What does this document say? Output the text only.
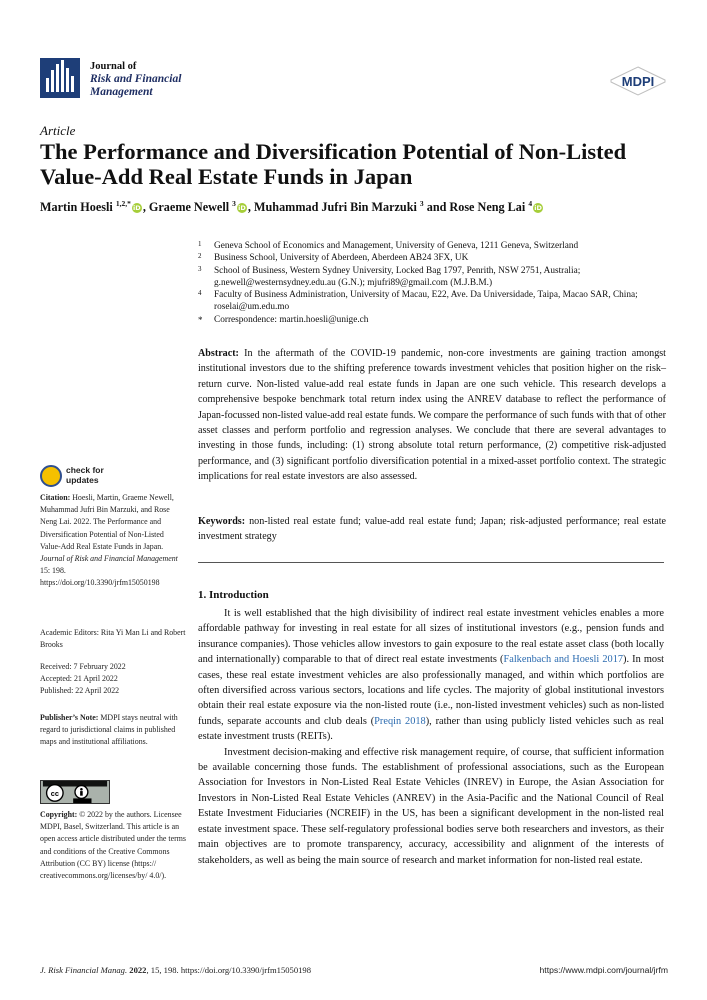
Journal of
Risk and Financial
Management
MDPI
Article
The Performance and Diversification Potential of Non-Listed Value-Add Real Estate Funds in Japan
Martin Hoesli $^{1,2,*}$iD , Graeme Newell $^3$iD , Muhammad Jufri Bin Marzuki $^3$ and Rose Neng Lai $^4$iD
1 Geneva School of Economics and Management, University of Geneva, 1211 Geneva, Switzerland
2 Business School, University of Aberdeen, Aberdeen AB24 3FX, UK
3 School of Business, Western Sydney University, Locked Bag 1797, Penrith, NSW 2751, Australia; g.newell@westernsydney.edu.au (G.N.); mjufri89@gmail.com (M.J.B.M.)
4 Faculty of Business Administration, University of Macau, E22, Ave. Da Universidade, Taipa, Macao SAR, China; roselai@um.edu.mo
* Correspondence: martin.hoesli@unige.ch
Abstract: In the aftermath of the COVID-19 pandemic, non-core investments are gaining traction amongst institutional investors due to the shifting preference towards investment vehicles that position higher on the risk–return curve. Non-listed value-add real estate funds in Japan are one such vehicle. This research develops a comprehensive bespoke benchmark total return index using the ANREV database to reflect the performance of Japan-focussed non-listed value-add real estate funds. We compare the performance of such funds with that of other asset classes and perform portfolio and regression analyses. We conclude that there are several advantages to investing in those funds, including: (1) strong absolute total return performance, (2) competitive risk-adjusted performance, and (3) significant portfolio diversification potential in a mixed-asset portfolio context. The strategic implications for real estate investors are also assessed.
Keywords: non-listed real estate fund; value-add real estate fund; Japan; risk-adjusted performance; real estate investment strategy
1. Introduction

It is well established that the high divisibility of indirect real estate investment vehicles enables a more affordable pathway for investing in real estate for all sizes of institutional investors (e.g., pension funds and insurance companies). Those vehicles allow investors to gain exposure to the real estate asset class (both locally and internationally) comparable to that of direct real estate investments (Falkenbach and Hoesli 2017). In most cases, these real estate investment vehicles are also professionally managed, and within which portfolios are often diversified across various sectors, locations and life cycles. The majority of global institutional investors obtain their real estate exposure via the non-listed route (i.e., non-listed investment vehicles) such as non-listed funds, separate accounts and club deals (Preqin 2018), rather than using publicly listed vehicles such as real estate investment trusts (REITs).

Investment decision-making and effective risk management require, of course, that sufficient information be available concerning those funds. The establishment of professional associations, such as the European Association for Investors in Non-Listed Real Estate Vehicles (INREV) in Europe, the Asian Association for Investors in Non-Listed Real Estate Vehicles (ANREV) in the Asia-Pacific and the National Council of Real Estate Investment Fiduciaries (NCREIF) in the US, has been a significant development in the non-listed real estate investment space. These self-regulatory professional bodies serve both researchers and investors, as their main objectives are to promote transparency, accuracy, accessibility and alignment of the interests of stakeholders, as well as being the main source of research and market information for non-listed real estate.

check for
updates
Citation: Hoesli, Martin, Graeme Newell, Muhammad Jufri Bin Marzuki, and Rose Neng Lai. 2022. The Performance and Diversification Potential of Non-Listed Value-Add Real Estate Funds in Japan. Journal of Risk and Financial Management 15: 198. https://doi.org/10.3390/jrfm15050198
Academic Editors: Rita Yi Man Li and Robert Brooks
Received: 7 February 2022
Accepted: 21 April 2022
Published: 22 April 2022
Publisher’s Note: MDPI stays neutral with regard to jurisdictional claims in published maps and institutional affiliations.
cc
Copyright: © 2022 by the authors. Licensee MDPI, Basel, Switzerland. This article is an open access article distributed under the terms and conditions of the Creative Commons Attribution (CC BY) license (https:// creativecommons.org/licenses/by/ 4.0/).
J. Risk Financial Manag. 2022, 15, 198. https://doi.org/10.3390/jrfm15050198	https://www.mdpi.com/journal/jrfm
